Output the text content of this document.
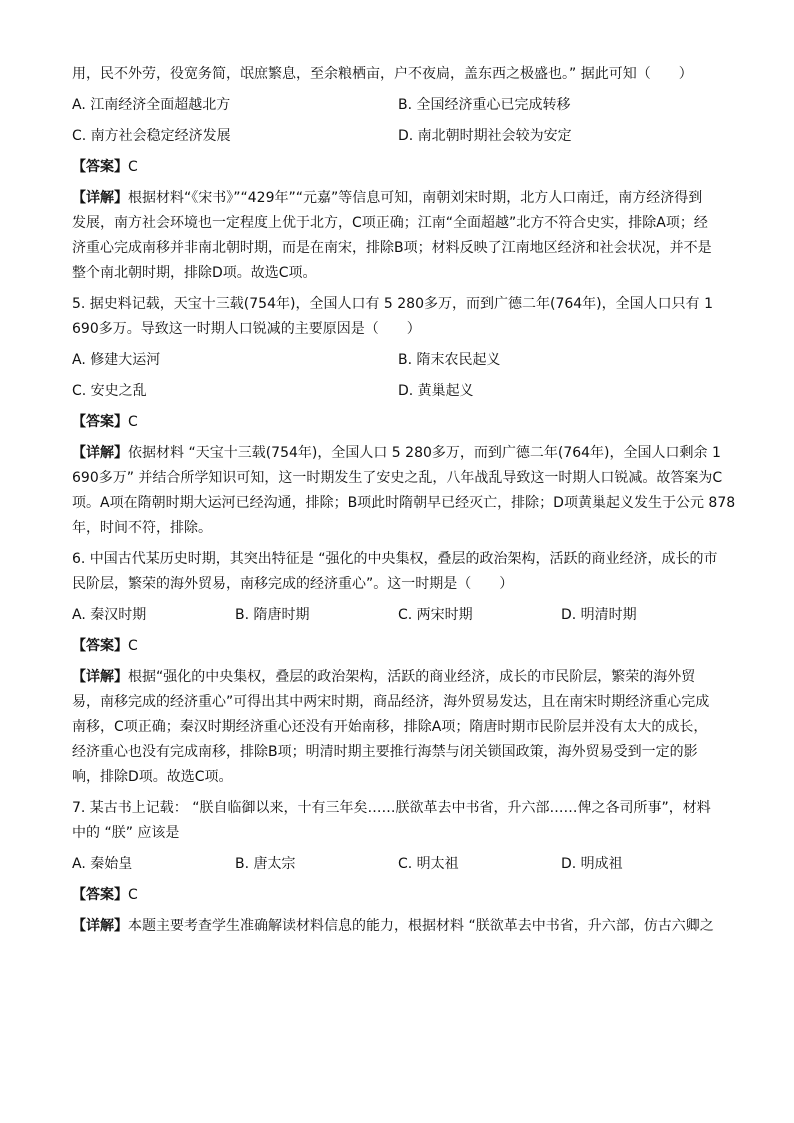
用，民不外劳，役宽务简，氓庶繁息，至余粮栖亩，户不夜扃，盖东西之极盛也。” 据此可知（　　）

A. 江南经济全面超越北方	B. 全国经济重心已完成转移
C. 南方社会稳定经济发展	D. 南北朝时期社会较为安定
【答案】C

【详解】根据材料“《宋书》”“429年”“元嘉”等信息可知，南朝刘宋时期，北方人口南迁，南方经济得到

发展，南方社会环境也一定程度上优于北方，C项正确；江南“全面超越”北方不符合史实，排除A项；经

济重心完成南移并非南北朝时期，而是在南宋，排除B项；材料反映了江南地区经济和社会状况，并不是

整个南北朝时期，排除D项。故选C项。

5. 据史料记载，天宝十三载(754年)，全国人口有 5 280多万，而到广德二年(764年)，全国人口只有 1

690多万。导致这一时期人口锐减的主要原因是（　　）

A. 修建大运河	B. 隋末农民起义
C. 安史之乱	D. 黄巢起义
【答案】C

【详解】依据材料 “天宝十三载(754年)，全国人口 5 280多万，而到广德二年(764年)，全国人口剩余 1

690多万” 并结合所学知识可知，这一时期发生了安史之乱，八年战乱导致这一时期人口锐减。故答案为C

项。A项在隋朝时期大运河已经沟通，排除；B项此时隋朝早已经灭亡，排除；D项黄巢起义发生于公元 878

年，时间不符，排除。

6. 中国古代某历史时期，其突出特征是 “强化的中央集权，叠层的政治架构，活跃的商业经济，成长的市

民阶层，繁荣的海外贸易，南移完成的经济重心”。这一时期是（　　）

A. 秦汉时期	B. 隋唐时期	C. 两宋时期	D. 明清时期
【答案】C

【详解】根据“强化的中央集权，叠层的政治架构，活跃的商业经济，成长的市民阶层，繁荣的海外贸

易，南移完成的经济重心”可得出其中两宋时期，商品经济，海外贸易发达，且在南宋时期经济重心完成

南移，C项正确；秦汉时期经济重心还没有开始南移，排除A项；隋唐时期市民阶层并没有太大的成长，

经济重心也没有完成南移，排除B项；明清时期主要推行海禁与闭关锁国政策，海外贸易受到一定的影

响，排除D项。故选C项。

7. 某古书上记载： “朕自临御以来，十有三年矣……朕欲革去中书省，升六部……俾之各司所事”，材料

中的 “朕” 应该是

A. 秦始皇	B. 唐太宗	C. 明太祖	D. 明成祖
【答案】C

【详解】本题主要考查学生准确解读材料信息的能力，根据材料 “朕欲革去中书省，升六部，仿古六卿之
